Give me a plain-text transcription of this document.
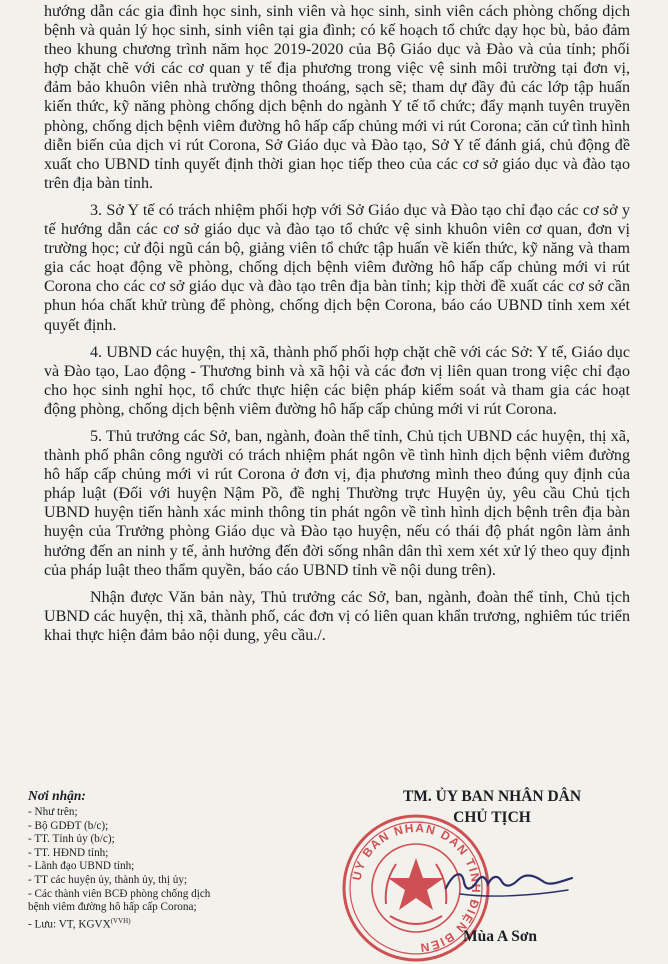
hướng dẫn các gia đình học sinh, sinh viên và học sinh, sinh viên cách phòng chống dịch bệnh và quản lý học sinh, sinh viên tại gia đình; có kế hoạch tổ chức dạy học bù, bảo đảm theo khung chương trình năm học 2019-2020 của Bộ Giáo dục và Đào và của tỉnh; phối hợp chặt chẽ với các cơ quan y tế địa phương trong việc vệ sinh môi trường tại đơn vị, đảm bảo khuôn viên nhà trường thông thoáng, sạch sẽ; tham dự đầy đủ các lớp tập huấn kiến thức, kỹ năng phòng chống dịch bệnh do ngành Y tế tổ chức; đẩy mạnh tuyên truyền phòng, chống dịch bệnh viêm đường hô hấp cấp chủng mới vi rút Corona; căn cứ tình hình diễn biến của dịch vi rút Corona, Sở Giáo dục và Đào tạo, Sở Y tế đánh giá, chủ động đề xuất cho UBND tỉnh quyết định thời gian học tiếp theo của các cơ sở giáo dục và đào tạo trên địa bàn tỉnh.

3. Sở Y tế có trách nhiệm phối hợp với Sở Giáo dục và Đào tạo chỉ đạo các cơ sở y tế hướng dẫn các cơ sở giáo dục và đào tạo tổ chức vệ sinh khuôn viên cơ quan, đơn vị trường học; cử đội ngũ cán bộ, giảng viên tổ chức tập huấn về kiến thức, kỹ năng và tham gia các hoạt động về phòng, chống dịch bệnh viêm đường hô hấp cấp chủng mới vi rút Corona cho các cơ sở giáo dục và đào tạo trên địa bàn tỉnh; kịp thời đề xuất các cơ sở cần phun hóa chất khử trùng để phòng, chống dịch bện Corona, báo cáo UBND tỉnh xem xét quyết định.

4. UBND các huyện, thị xã, thành phố phối hợp chặt chẽ với các Sở: Y tế, Giáo dục và Đào tạo, Lao động - Thương binh và xã hội và các đơn vị liên quan trong việc chỉ đạo cho học sinh nghỉ học, tổ chức thực hiện các biện pháp kiểm soát và tham gia các hoạt động phòng, chống dịch bệnh viêm đường hô hấp cấp chủng mới vi rút Corona.

5. Thủ trưởng các Sở, ban, ngành, đoàn thể tỉnh, Chủ tịch UBND các huyện, thị xã, thành phố phân công người có trách nhiệm phát ngôn về tình hình dịch bệnh viêm đường hô hấp cấp chủng mới vi rút Corona ở đơn vị, địa phương mình theo đúng quy định của pháp luật (Đối với huyện Nậm Pồ, đề nghị Thường trực Huyện ủy, yêu cầu Chủ tịch UBND huyện tiến hành xác minh thông tin phát ngôn về tình hình dịch bệnh trên địa bàn huyện của Trưởng phòng Giáo dục và Đào tạo huyện, nếu có thái độ phát ngôn làm ảnh hưởng đến an ninh y tế, ảnh hưởng đến đời sống nhân dân thì xem xét xử lý theo quy định của pháp luật theo thẩm quyền, báo cáo UBND tỉnh về nội dung trên).

Nhận được Văn bản này, Thủ trưởng các Sở, ban, ngành, đoàn thể tỉnh, Chủ tịch UBND các huyện, thị xã, thành phố, các đơn vị có liên quan khẩn trương, nghiêm túc triển khai thực hiện đảm bảo nội dung, yêu cầu./.

Nơi nhận:

- Như trên;

- Bộ GDĐT (b/c);

- TT. Tỉnh ủy (b/c);

- TT. HĐND tỉnh;

- Lãnh đạo UBND tỉnh;

- TT các huyện ủy, thành ủy, thị ủy;

- Các thành viên BCĐ phòng chống dịch

bệnh viêm đường hô hấp cấp Corona;

- Lưu: VT, $KGVX^{(VVH)}$

ỦY BAN NHÂN DÂN TỈNH ĐIỆN BIÊN
TM. ỦY BAN NHÂN DÂN
CHỦ TỊCH
Mùa A Sơn
